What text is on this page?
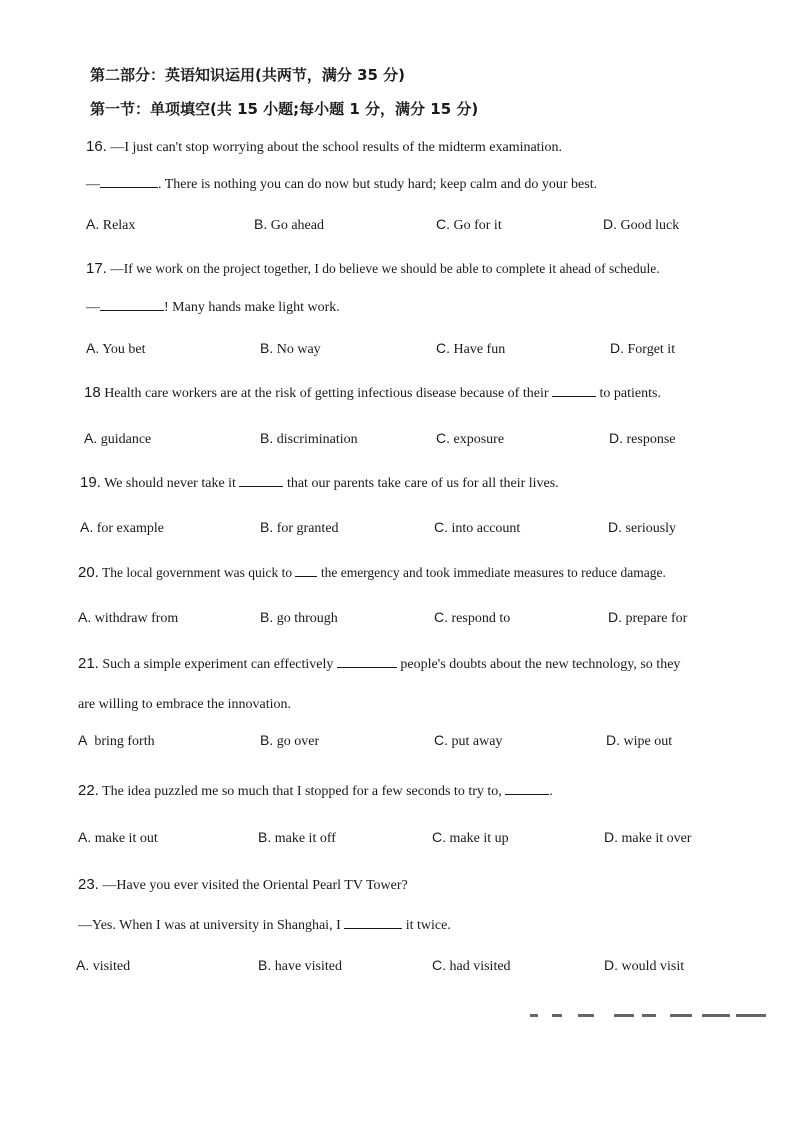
第二部分：英语知识运用(共两节，满分 35 分)
第一节：单项填空(共 15 小题;每小题 1 分，满分 15 分)
16. —I just can't stop worrying about the school results of the midterm examination.
—	. There is nothing you can do now but study hard; keep calm and do your best.
A. Relax	B. Go ahead	C. Go for it	D. Good luck
17. —If we work on the project together, I do believe we should be able to complete it ahead of schedule.
—	! Many hands make light work.
A. You bet	B. No way	C. Have fun	D. Forget it
18 Health care workers are at the risk of getting infectious disease because of their	to patients.
A. guidance	B. discrimination	C. exposure	D. response
19. We should never take it	that our parents take care of us for all their lives.
A. for example	B. for granted	C. into account	D. seriously
20. The local government was quick to the emergency and took immediate measures to reduce damage.
A. withdraw from	B. go through	C. respond to	D. prepare for
21. Such a simple experiment can effectively	people's doubts about the new technology, so they
are willing to embrace the innovation.
A bring forth	B. go over	C. put away	D. wipe out
22. The idea puzzled me so much that I stopped for a few seconds to try to,	.
A. make it out	B. make it off	C. make it up	D. make it over
23. —Have you ever visited the Oriental Pearl TV Tower?
—Yes. When I was at university in Shanghai, I	it twice.
A. visited	B. have visited	C. had visited	D. would visit
